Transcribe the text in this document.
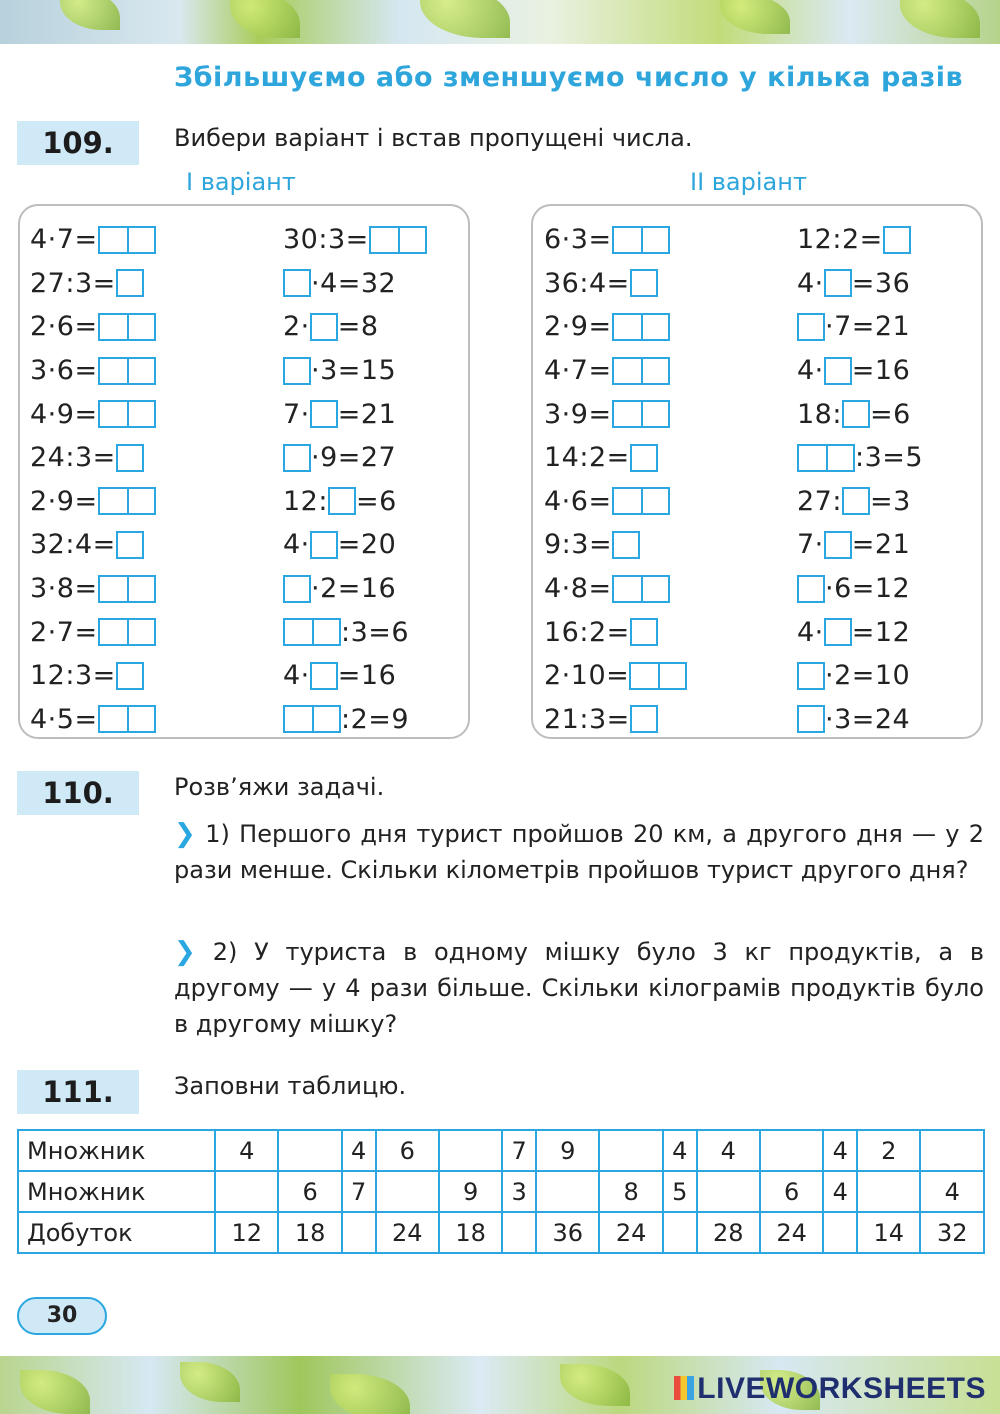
Збільшуємо або зменшуємо число у кілька разів
109.	Вибери варіант і встав пропущені числа.
I варіант	II варіант
4·7=
27:3=
2·6=
3·6=
4·9=
24:3=
2·9=
32:4=
3·8=
2·7=
12:3=
4·5=
30:3=
·4=32
2· =8
·3=15
7· =21
·9=27
12: =6
4· =20
·2=16
:3=6
4· =16
:2=9
6·3=
36:4=
2·9=
4·7=
3·9=
14:2=
4·6=
9:3=
4·8=
16:2=
2·10=
21:3=
12:2=
4· =36
·7=21
4· =16
18: =6
:3=5
27: =3
7· =21
·6=12
4· =12
·2=10
·3=24
110.	Розв’яжи задачі.
❯ 1) Першого дня турист пройшов 20 км, а другого дня — у 2 рази менше. Скільки кілометрів пройшов турист другого дня?
❯ 2) У туриста в одному мішку було 3 кг продуктів, а в другому — у 4 рази більше. Скільки кілограмів продуктів було в другому мішку?
111.	Заповни таблицю.
Множник	4		4	6		7	9		4	4		4	2	
Множник		6	7		9	3		8	5		6	4		4
Добуток	12	18		24	18		36	24		28	24		14	32
30
LIVEWORKSHEETS
